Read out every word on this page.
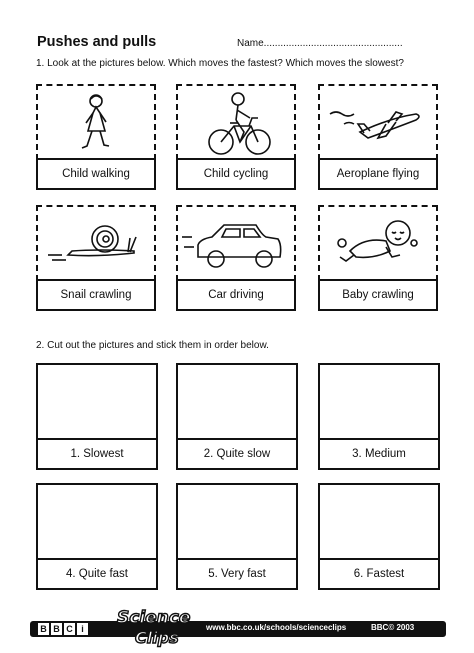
Pushes and pulls	Name..................................................
1. Look at the pictures below. Which moves the fastest? Which moves the slowest?
Child walking	Child cycling	Aeroplane flying
Snail crawling	Car driving	Baby crawling
2. Cut out the pictures and stick them in order below.
1. Slowest	2. Quite slow	3. Medium
4. Quite fast	5. Very fast	6. Fastest
B B C i	www.bbc.co.uk/schools/scienceclips	BBC© 2003
Science
Clips
